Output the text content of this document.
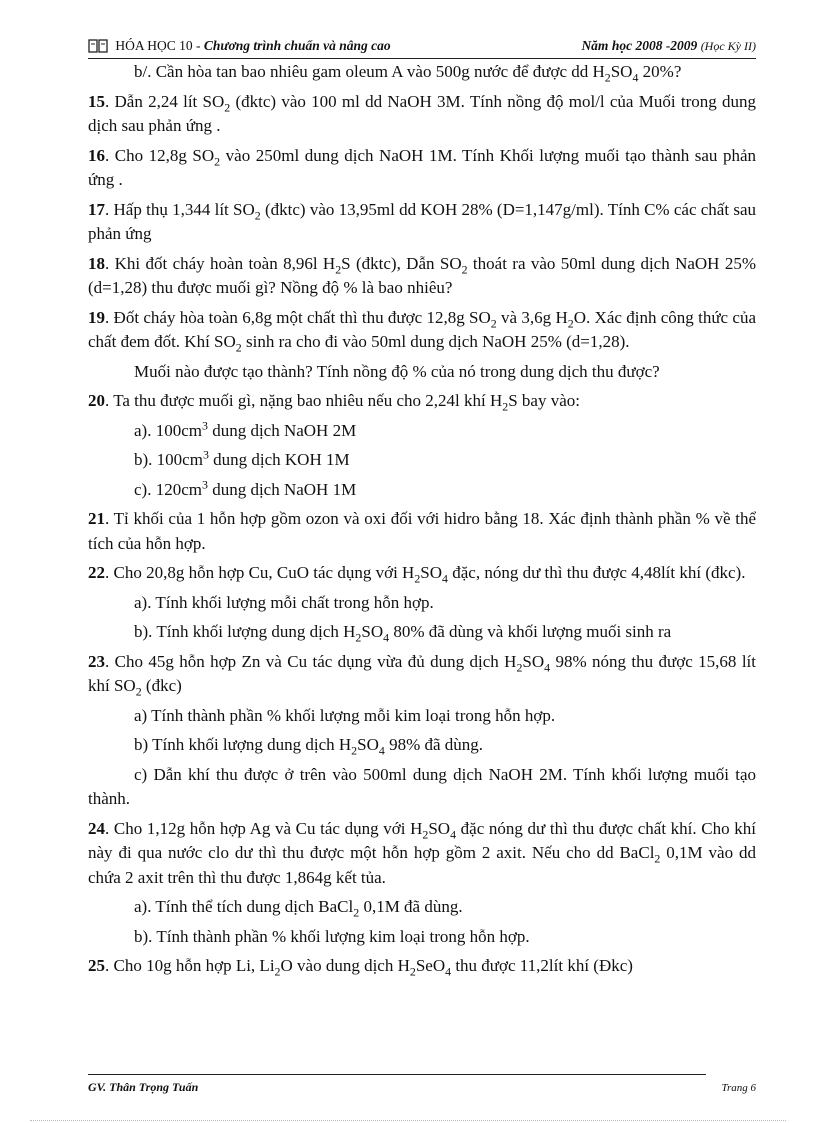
HÓA HỌC 10 - Chương trình chuẩn và nâng cao	Năm học 2008 -2009 (Học Kỳ II)

b/. Cần hòa tan bao nhiêu gam oleum A vào 500g nước để được dd $H_2SO_4$ 20%?

15. Dẫn 2,24 lít $SO_2$ (đktc) vào 100 ml dd NaOH 3M. Tính nồng độ mol/l của Muối trong dung dịch sau phản ứng .

16. Cho 12,8g $SO_2$ vào 250ml dung dịch NaOH 1M. Tính Khối lượng muối tạo thành sau phản ứng .

17. Hấp thụ 1,344 lít $SO_2$ (đktc) vào 13,95ml dd KOH 28% (D=1,147g/ml). Tính C% các chất sau phản ứng

18. Khi đốt cháy hoàn toàn 8,96l $H_2S$ (đktc), Dẫn $SO_2$ thoát ra vào 50ml dung dịch NaOH 25% (d=1,28) thu được muối gì? Nồng độ % là bao nhiêu?

19. Đốt cháy hòa toàn 6,8g một chất thì thu được 12,8g $SO_2$ và 3,6g $H_2O$. Xác định công thức của chất đem đốt. Khí $SO_2$ sinh ra cho đi vào 50ml dung dịch NaOH 25% (d=1,28).

Muối nào được tạo thành? Tính nồng độ % của nó trong dung dịch thu được?

20. Ta thu được muối gì, nặng bao nhiêu nếu cho 2,24l khí $H_2S$ bay vào:

a). $100cm^3$ dung dịch NaOH 2M

b). $100cm^3$ dung dịch KOH 1M

c). $120cm^3$ dung dịch NaOH 1M

21. Tỉ khối của 1 hỗn hợp gồm ozon và oxi đối với hidro bằng 18. Xác định thành phần % về thể tích của hỗn hợp.

22. Cho 20,8g hỗn hợp Cu, CuO tác dụng với $H_2SO_4$ đặc, nóng dư thì thu được 4,48lít khí (đkc).

a). Tính khối lượng mỗi chất trong hỗn hợp.

b). Tính khối lượng dung dịch $H_2SO_4$ 80% đã dùng và khối lượng muối sinh ra

23. Cho 45g hỗn hợp Zn và Cu tác dụng vừa đủ dung dịch $H_2SO_4$ 98% nóng thu được 15,68 lít khí $SO_2$ (đkc)

a) Tính thành phần % khối lượng mỗi kim loại trong hỗn hợp.

b) Tính khối lượng dung dịch $H_2SO_4$ 98% đã dùng.

c) Dẫn khí thu được ở trên vào 500ml dung dịch NaOH 2M. Tính khối lượng muối tạo thành.

24. Cho 1,12g hỗn hợp Ag và Cu tác dụng với $H_2SO_4$ đặc nóng dư thì thu được chất khí. Cho khí này đi qua nước clo dư thì thu được một hỗn hợp gồm 2 axit. Nếu cho dd BaCl$_2$ 0,1M vào dd chứa 2 axit trên thì thu được 1,864g kết tủa.

a). Tính thể tích dung dịch BaCl$_2$ 0,1M đã dùng.

b). Tính thành phần % khối lượng kim loại trong hỗn hợp.

25. Cho 10g hỗn hợp Li, $Li_2O$ vào dung dịch $H_2SeO_4$ thu được 11,2lít khí (Đkc)

GV. Thân Trọng Tuấn	Trang 6
